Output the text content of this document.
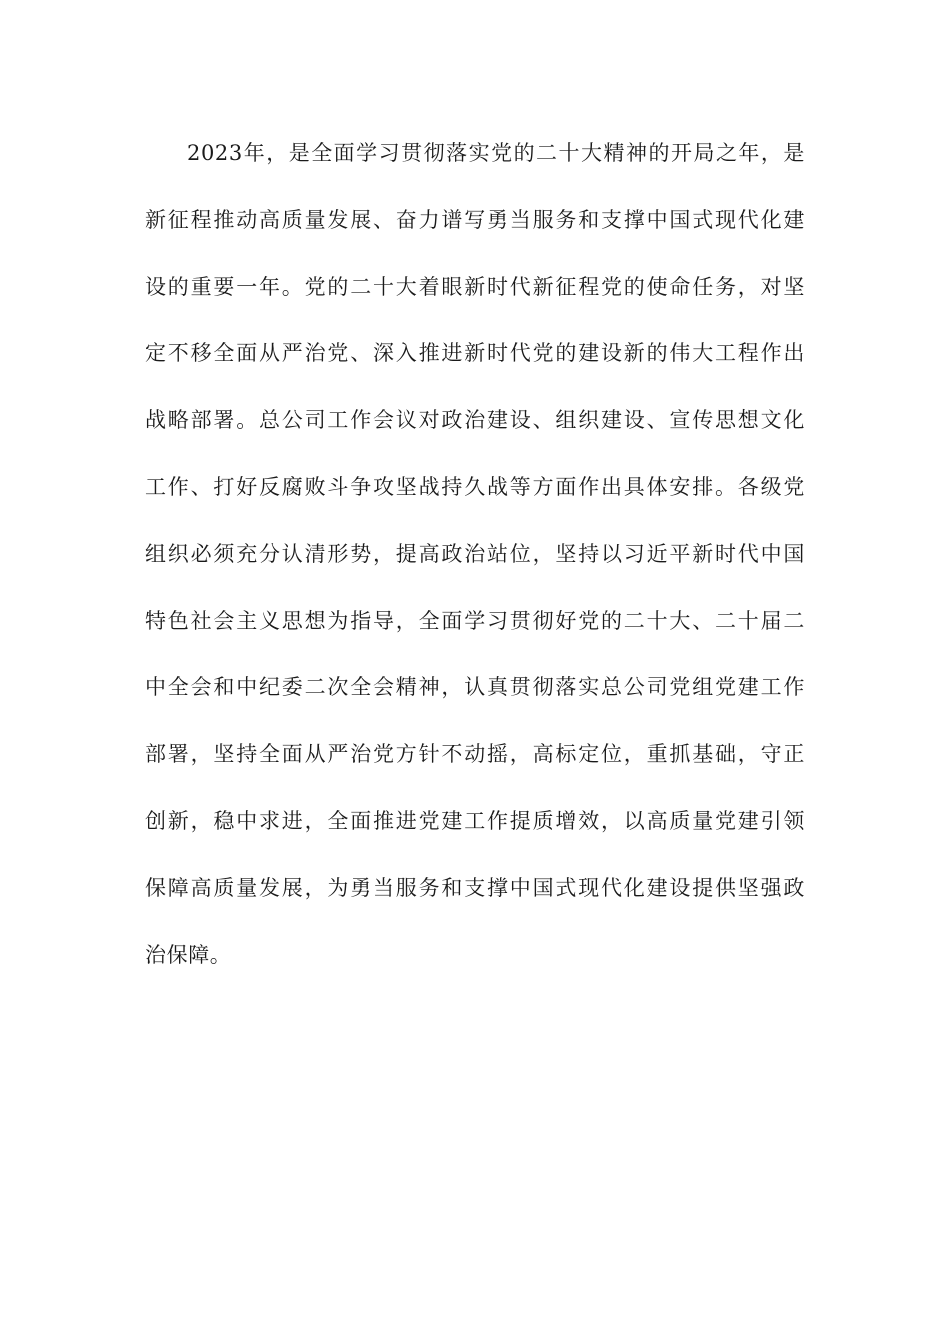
2023年，是全面学习贯彻落实党的二十大精神的开局之年，是
新征程推动高质量发展、奋力谱写勇当服务和支撑中国式现代化建
设的重要一年。党的二十大着眼新时代新征程党的使命任务，对坚
定不移全面从严治党、深入推进新时代党的建设新的伟大工程作出
战略部署。总公司工作会议对政治建设、组织建设、宣传思想文化
工作、打好反腐败斗争攻坚战持久战等方面作出具体安排。各级党
组织必须充分认清形势，提高政治站位，坚持以习近平新时代中国
特色社会主义思想为指导，全面学习贯彻好党的二十大、二十届二
中全会和中纪委二次全会精神，认真贯彻落实总公司党组党建工作
部署，坚持全面从严治党方针不动摇，高标定位，重抓基础，守正
创新，稳中求进，全面推进党建工作提质增效，以高质量党建引领
保障高质量发展，为勇当服务和支撑中国式现代化建设提供坚强政
治保障。
